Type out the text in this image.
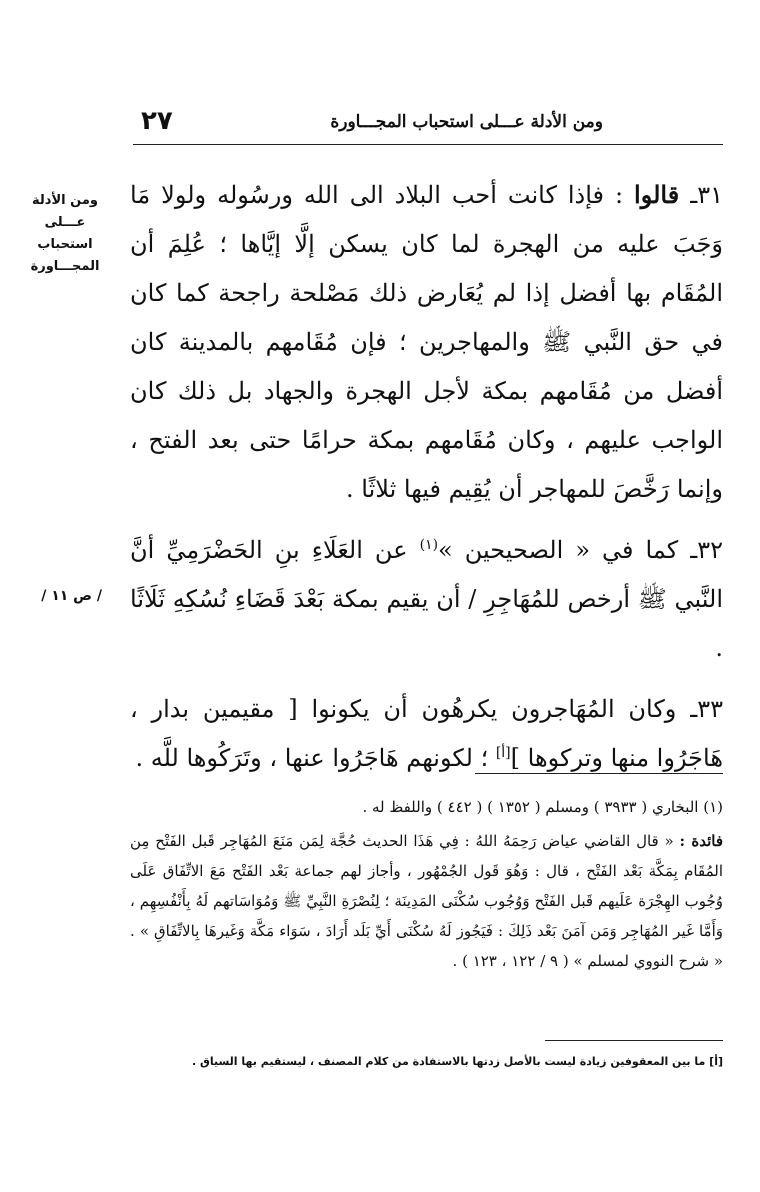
٢٧	ومن الأدلة عـــلى استحباب المجـــاورة
ومن الأدلة
عـــلى
استحباب
المجـــاورة
/ ص ١١ /

٣١ـ قالوا : فإذا كانت أحب البلاد الى الله ورسُوله ولولا مَا وَجَبَ عليه من الهجرة لما كان يسكن إلَّا إيَّاها ؛ عُلِمَ أن المُقَام بها أفضل إذا لم يُعَارض ذلك مَصْلحة راجحة كما كان في حق النَّبي ﷺ والمهاجرين ؛ فإن مُقَامهم بالمدينة كان أفضل من مُقَامهم بمكة لأجل الهجرة والجهاد بل ذلك كان الواجب عليهم ، وكان مُقَامهم بمكة حرامًا حتى بعد الفتح ، وإنما رَخَّصَ للمهاجر أن يُقِيم فيها ثلاثًا .

٣٢ـ كما في « الصحيحين »$^{(١)}$ عن العَلَاءِ بنِ الحَضْرَمِيِّ أنَّ النَّبي ﷺ أرخص للمُهَاجِرِ / أن يقيم بمكة بَعْدَ قَضَاءِ نُسُكِهِ ثَلَاثًا .

٣٣ـ وكان المُهَاجرون يكرهُون أن يكونوا [ مقيمين بدار ، هَاجَرُوا منها وتركوها ][أ] ؛ لكونهم هَاجَرُوا عنها ، وتَرَكُوها للَّه .

(١) البخاري ( ٣٩٣٣ ) ومسلم ( ١٣٥٢ ) ( ٤٤٢ ) واللفظ له .

فائدة : « قال القاضي عياض رَحِمَهُ اللهُ : فِي هَذَا الحديث حُجَّة لِمَن مَنَعَ المُهَاجِر قَبل الفَتْح مِن المُقَام بِمَكَّة بَعْد الفَتْح ، قال : وَهُوَ قَول الجُمْهُور ، وأجاز لهم جماعة بَعْد الفَتْح مَعَ الاتِّفَاق عَلَى وُجُوب الهِجْرَة عَلَيهم قَبل الفَتْح وَوُجُوب سُكْنَى المَدِينَة ؛ لِنُصْرَةِ النَّبِيِّ ﷺ وَمُوَاسَاتهم لَهُ بِأَنْفُسِهِم ، وَأَمَّا غَير المُهَاجِر وَمَن آمَنَ بَعْد ذَلِكَ : فَيَجُوز لَهُ سُكْنَى أَيِّ بَلَد أَرَادَ ، سَوَاء مَكَّة وَغَيرهَا بِالاتِّفَاقِ » . « شرح النووي لمسلم » ( ٩ / ١٢٢ ، ١٢٣ ) .

[أ] ما بين المعقوفين زيادة ليست بالأصل زدتها بالاستفادة من كلام المصنف ، ليستقيم بها السياق .
